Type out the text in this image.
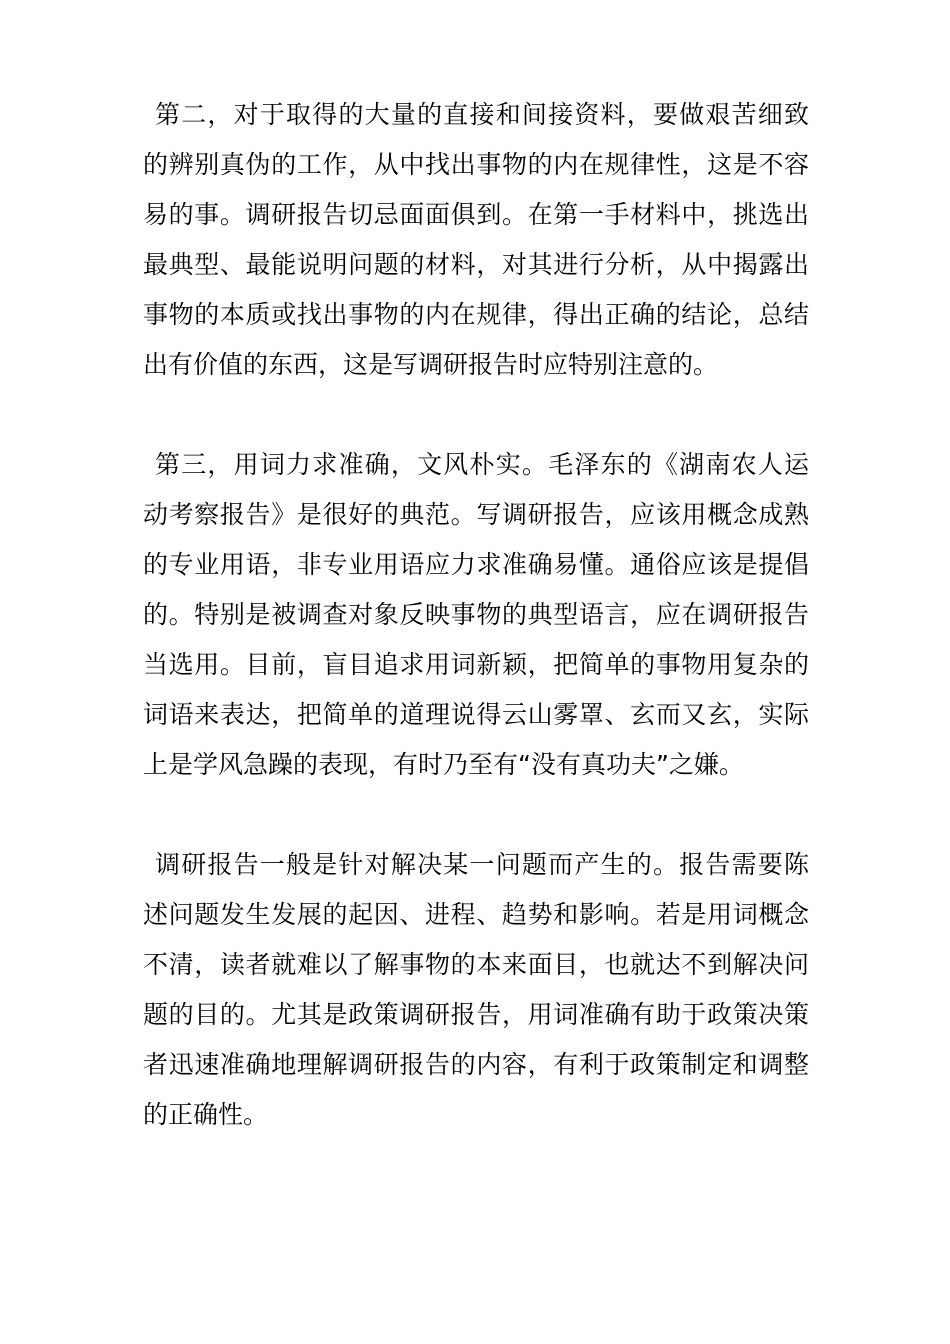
第二，对于取得的大量的直接和间接资料，要做艰苦细致
的辨别真伪的工作，从中找出事物的内在规律性，这是不容
易的事。调研报告切忌面面俱到。在第一手材料中，挑选出
最典型、最能说明问题的材料，对其进行分析，从中揭露出
事物的本质或找出事物的内在规律，得出正确的结论，总结
出有价值的东西，这是写调研报告时应特别注意的。
第三，用词力求准确，文风朴实。毛泽东的《湖南农人运
动考察报告》是很好的典范。写调研报告，应该用概念成熟
的专业用语，非专业用语应力求准确易懂。通俗应该是提倡
的。特别是被调查对象反映事物的典型语言，应在调研报告
当选用。目前，盲目追求用词新颖，把简单的事物用复杂的
词语来表达，把简单的道理说得云山雾罩、玄而又玄，实际
上是学风急躁的表现，有时乃至有“没有真功夫”之嫌。
调研报告一般是针对解决某一问题而产生的。报告需要陈
述问题发生发展的起因、进程、趋势和影响。若是用词概念
不清，读者就难以了解事物的本来面目，也就达不到解决问
题的目的。尤其是政策调研报告，用词准确有助于政策决策
者迅速准确地理解调研报告的内容，有利于政策制定和调整
的正确性。
